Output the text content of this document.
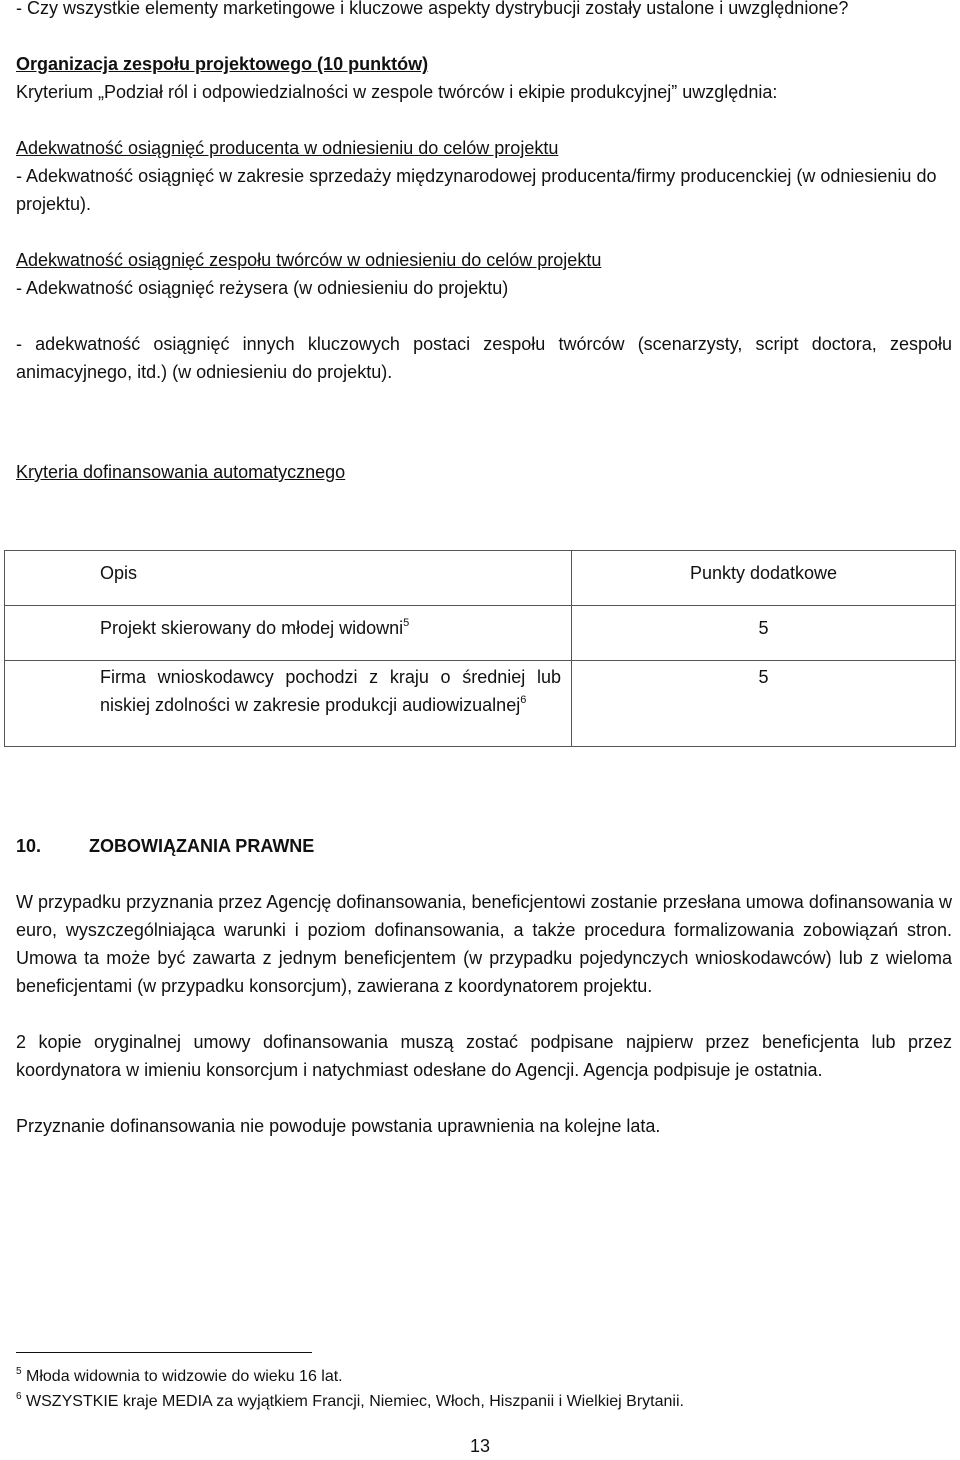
- Czy wszystkie elementy marketingowe i kluczowe aspekty dystrybucji zostały ustalone i uwzględnione?

Organizacja zespołu projektowego (10 punktów)

Kryterium „Podział ról i odpowiedzialności w zespole twórców i ekipie produkcyjnej” uwzględnia:

Adekwatność osiągnięć producenta w odniesieniu do celów projektu

- Adekwatność osiągnięć w zakresie sprzedaży międzynarodowej producenta/firmy producenckiej (w odniesieniu do projektu).

Adekwatność osiągnięć zespołu twórców w odniesieniu do celów projektu

- Adekwatność osiągnięć reżysera (w odniesieniu do projektu)

- adekwatność osiągnięć innych kluczowych postaci zespołu twórców (scenarzysty, script doctora, zespołu animacyjnego, itd.) (w odniesieniu do projektu).

Kryteria dofinansowania automatycznego

Opis	Punkty dodatkowe

Projekt skierowany do młodej widowni$^5$	5

Firma wnioskodawcy pochodzi z kraju o średniej lub niskiej zdolności w zakresie produkcji audiowizualnej$^6$	5
10.	ZOBOWIĄZANIA PRAWNE

W przypadku przyznania przez Agencję dofinansowania, beneficjentowi zostanie przesłana umowa dofinansowania w euro, wyszczególniająca warunki i poziom dofinansowania, a także procedura formalizowania zobowiązań stron. Umowa ta może być zawarta z jednym beneficjentem (w przypadku pojedynczych wnioskodawców) lub z wieloma beneficjentami (w przypadku konsorcjum), zawierana z koordynatorem projektu.

2 kopie oryginalnej umowy dofinansowania muszą zostać podpisane najpierw przez beneficjenta lub przez koordynatora w imieniu konsorcjum i natychmiast odesłane do Agencji. Agencja podpisuje je ostatnia.

Przyznanie dofinansowania nie powoduje powstania uprawnienia na kolejne lata.

$^5$ Młoda widownia to widzowie do wieku 16 lat.
$^6$ WSZYSTKIE kraje MEDIA za wyjątkiem Francji, Niemiec, Włoch, Hiszpanii i Wielkiej Brytanii.
13
